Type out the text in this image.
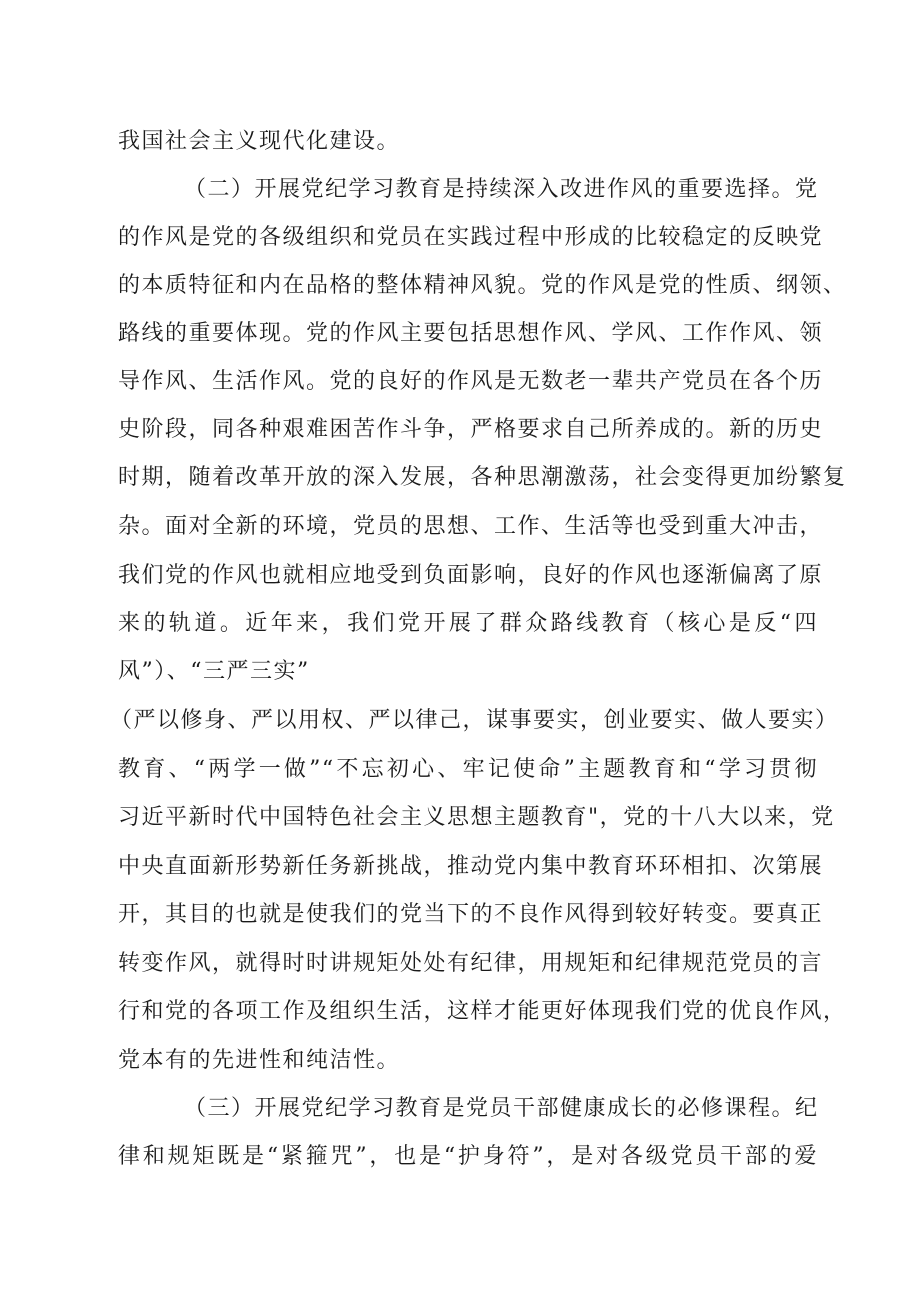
我国社会主义现代化建设。
（二）开展党纪学习教育是持续深入改进作风的重要选择。党
的作风是党的各级组织和党员在实践过程中形成的比较稳定的反映党
的本质特征和内在品格的整体精神风貌。党的作风是党的性质、纲领、
路线的重要体现。党的作风主要包括思想作风、学风、工作作风、领
导作风、生活作风。党的良好的作风是无数老一辈共产党员在各个历
史阶段，同各种艰难困苦作斗争，严格要求自己所养成的。新的历史
时期，随着改革开放的深入发展，各种思潮激荡，社会变得更加纷繁复
杂。面对全新的环境，党员的思想、工作、生活等也受到重大冲击，
我们党的作风也就相应地受到负面影响，良好的作风也逐渐偏离了原
来的轨道。近年来，我们党开展了群众路线教育（核心是反“四
风”）、“三严三实”
（严以修身、严以用权、严以律己，谋事要实，创业要实、做人要实）
教育、“两学一做”“不忘初心、牢记使命”主题教育和“学习贯彻
习近平新时代中国特色社会主义思想主题教育"，党的十八大以来，党
中央直面新形势新任务新挑战，推动党内集中教育环环相扣、次第展
开，其目的也就是使我们的党当下的不良作风得到较好转变。要真正
转变作风，就得时时讲规矩处处有纪律，用规矩和纪律规范党员的言
行和党的各项工作及组织生活，这样才能更好体现我们党的优良作风，
党本有的先进性和纯洁性。
（三）开展党纪学习教育是党员干部健康成长的必修课程。纪
律和规矩既是“紧箍咒”，也是“护身符”，是对各级党员干部的爱
